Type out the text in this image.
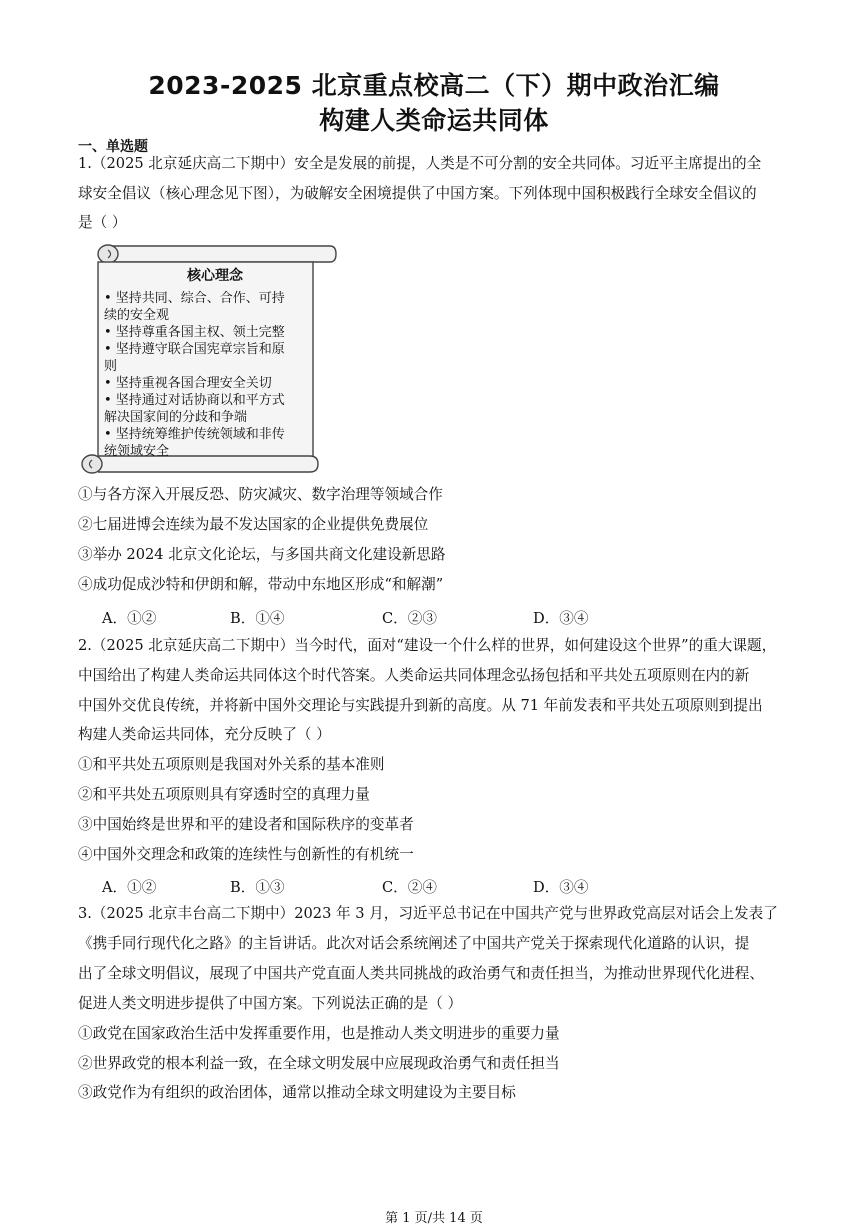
2023-2025 北京重点校高二（下）期中政治汇编
构建人类命运共同体
一、单选题
1.（2025 北京延庆高二下期中）安全是发展的前提，人类是不可分割的安全共同体。习近平主席提出的全
球安全倡议（核心理念见下图），为破解安全困境提供了中国方案。下列体现中国积极践行全球安全倡议的
是（ ）
核心理念
• 坚持共同、综合、合作、可持
续的安全观
• 坚持尊重各国主权、领土完整
• 坚持遵守联合国宪章宗旨和原
则
• 坚持重视各国合理安全关切
• 坚持通过对话协商以和平方式
解决国家间的分歧和争端
• 坚持统筹维护传统领域和非传
统领域安全
①与各方深入开展反恐、防灾减灾、数字治理等领域合作
②七届进博会连续为最不发达国家的企业提供免费展位
③举办 2024 北京文化论坛，与多国共商文化建设新思路
④成功促成沙特和伊朗和解，带动中东地区形成“和解潮”
A．①②	B．①④	C．②③	D．③④
2.（2025 北京延庆高二下期中）当今时代，面对“建设一个什么样的世界，如何建设这个世界”的重大课题，
中国给出了构建人类命运共同体这个时代答案。人类命运共同体理念弘扬包括和平共处五项原则在内的新
中国外交优良传统，并将新中国外交理论与实践提升到新的高度。从 71 年前发表和平共处五项原则到提出
构建人类命运共同体，充分反映了（ ）
①和平共处五项原则是我国对外关系的基本准则
②和平共处五项原则具有穿透时空的真理力量
③中国始终是世界和平的建设者和国际秩序的变革者
④中国外交理念和政策的连续性与创新性的有机统一
A．①②	B．①③	C．②④	D．③④
3.（2025 北京丰台高二下期中）2023 年 3 月，习近平总书记在中国共产党与世界政党高层对话会上发表了
《携手同行现代化之路》的主旨讲话。此次对话会系统阐述了中国共产党关于探索现代化道路的认识，提
出了全球文明倡议，展现了中国共产党直面人类共同挑战的政治勇气和责任担当，为推动世界现代化进程、
促进人类文明进步提供了中国方案。下列说法正确的是（ ）
①政党在国家政治生活中发挥重要作用，也是推动人类文明进步的重要力量
②世界政党的根本利益一致，在全球文明发展中应展现政治勇气和责任担当
③政党作为有组织的政治团体，通常以推动全球文明建设为主要目标
第 1 页/共 14 页
